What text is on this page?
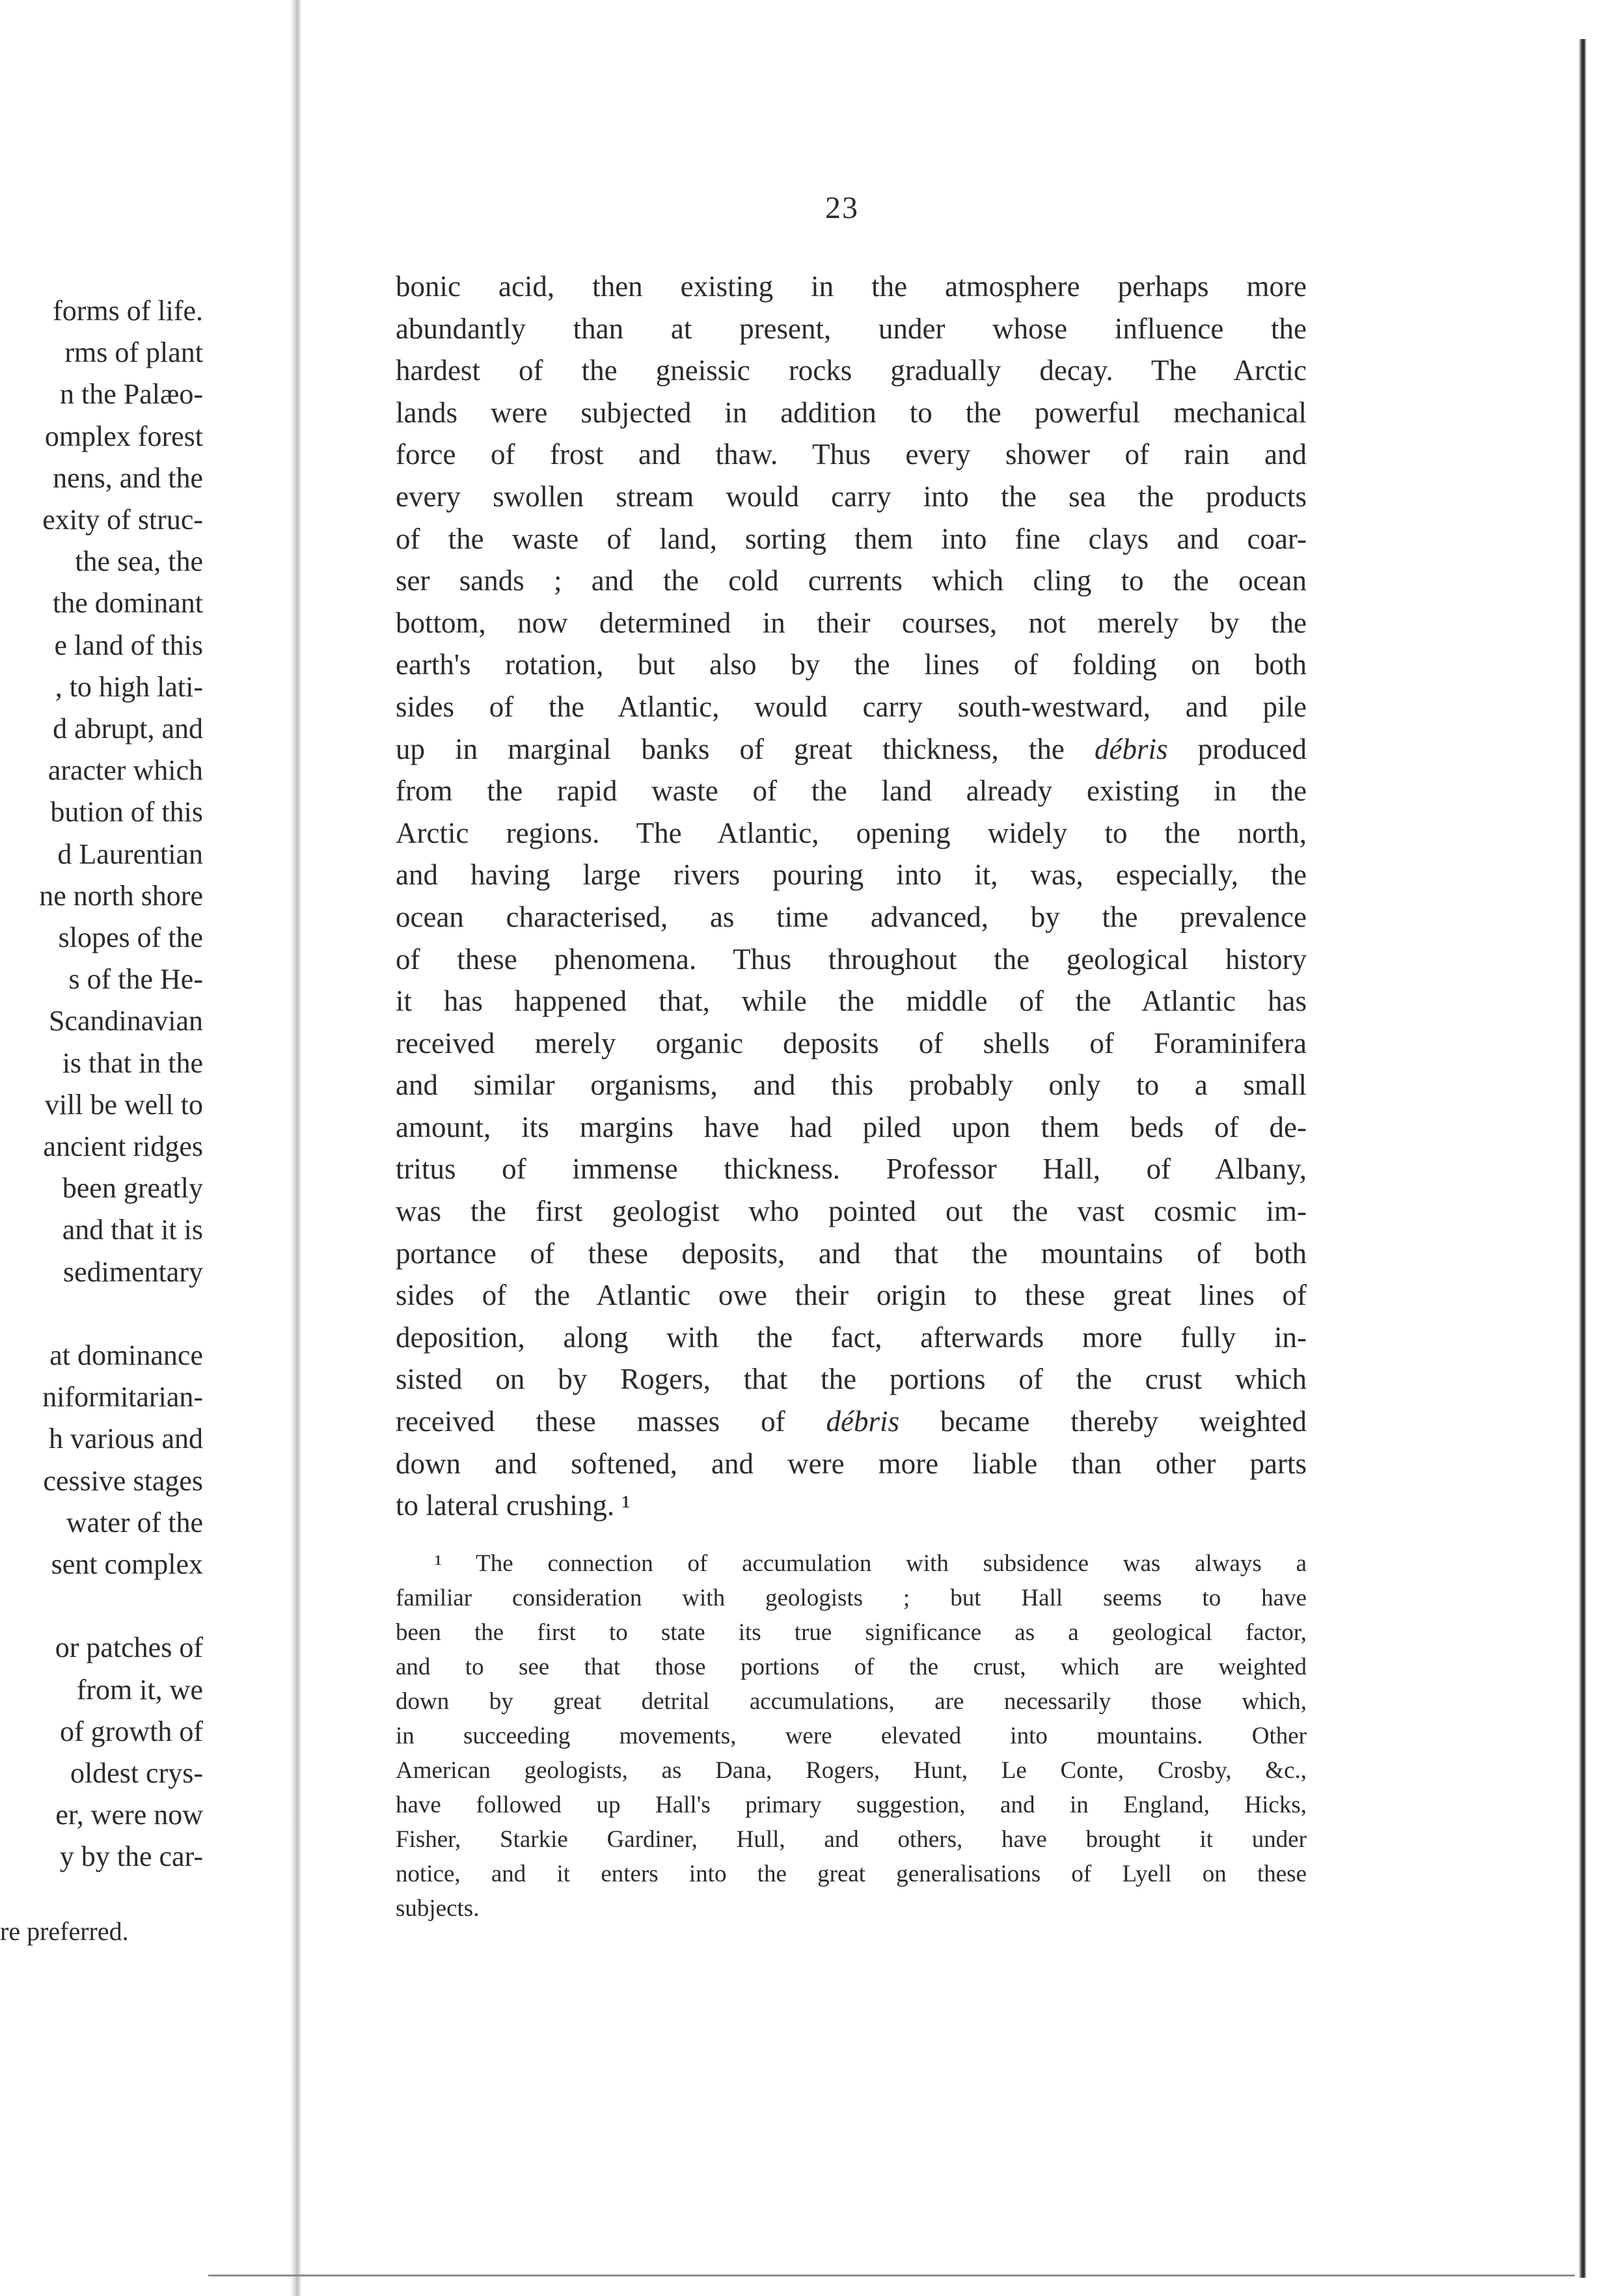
forms of life.
rms of plant
n the Palæo-
omplex forest
nens, and the
exity of struc-
the sea, the
the dominant
e land of this
, to high lati-
d abrupt, and
aracter which
bution of this
d Laurentian
ne north shore
slopes of the
s of the He-
Scandinavian
is that in the
vill be well to
ancient ridges
been greatly
and that it is
sedimentary
at dominance
niformitarian-
h various and
cessive stages
water of the
sent complex
or patches of
from it, we
of growth of
oldest crys-
er, were now
y by the car-
re preferred.
23
bonic acid, then existing in the atmosphere perhaps more
abundantly than at present, under whose influence the
hardest of the gneissic rocks gradually decay. The Arctic
lands were subjected in addition to the powerful mechanical
force of frost and thaw. Thus every shower of rain and
every swollen stream would carry into the sea the products
of the waste of land, sorting them into fine clays and coar-
ser sands ; and the cold currents which cling to the ocean
bottom, now determined in their courses, not merely by the
earth's rotation, but also by the lines of folding on both
sides of the Atlantic, would carry south-westward, and pile
up in marginal banks of great thickness, the débris produced
from the rapid waste of the land already existing in the
Arctic regions. The Atlantic, opening widely to the north,
and having large rivers pouring into it, was, especially, the
ocean characterised, as time advanced, by the prevalence
of these phenomena. Thus throughout the geological history
it has happened that, while the middle of the Atlantic has
received merely organic deposits of shells of Foraminifera
and similar organisms, and this probably only to a small
amount, its margins have had piled upon them beds of de-
tritus of immense thickness. Professor Hall, of Albany,
was the first geologist who pointed out the vast cosmic im-
portance of these deposits, and that the mountains of both
sides of the Atlantic owe their origin to these great lines of
deposition, along with the fact, afterwards more fully in-
sisted on by Rogers, that the portions of the crust which
received these masses of débris became thereby weighted
down and softened, and were more liable than other parts
to lateral crushing. ¹
¹ The connection of accumulation with subsidence was always a
familiar consideration with geologists ; but Hall seems to have
been the first to state its true significance as a geological factor,
and to see that those portions of the crust, which are weighted
down by great detrital accumulations, are necessarily those which,
in succeeding movements, were elevated into mountains. Other
American geologists, as Dana, Rogers, Hunt, Le Conte, Crosby, &c.,
have followed up Hall's primary suggestion, and in England, Hicks,
Fisher, Starkie Gardiner, Hull, and others, have brought it under
notice, and it enters into the great generalisations of Lyell on these
subjects.
